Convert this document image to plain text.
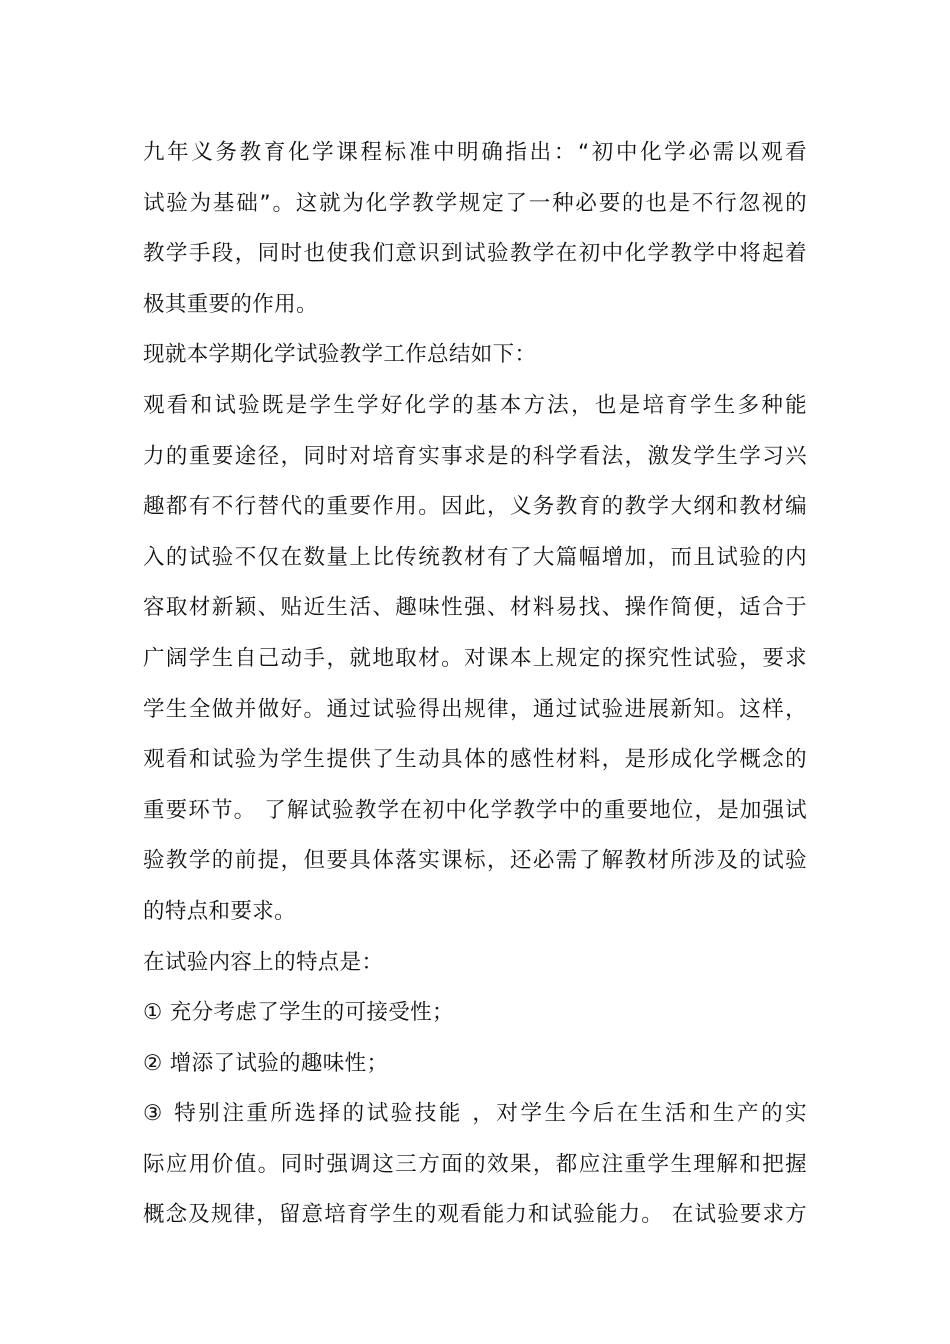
九年义务教育化学课程标准中明确指出：“初中化学必需以观看
试验为基础”。这就为化学教学规定了一种必要的也是不行忽视的
教学手段，同时也使我们意识到试验教学在初中化学教学中将起着
极其重要的作用。
现就本学期化学试验教学工作总结如下：
观看和试验既是学生学好化学的基本方法，也是培育学生多种能
力的重要途径，同时对培育实事求是的科学看法，激发学生学习兴
趣都有不行替代的重要作用。因此，义务教育的教学大纲和教材编
入的试验不仅在数量上比传统教材有了大篇幅增加，而且试验的内
容取材新颖、贴近生活、趣味性强、材料易找、操作简便，适合于
广阔学生自己动手，就地取材。对课本上规定的探究性试验，要求
学生全做并做好。通过试验得出规律，通过试验进展新知。这样，
观看和试验为学生提供了生动具体的感性材料，是形成化学概念的
重要环节。 了解试验教学在初中化学教学中的重要地位，是加强试
验教学的前提，但要具体落实课标，还必需了解教材所涉及的试验
的特点和要求。
在试验内容上的特点是：
① 充分考虑了学生的可接受性；
② 增添了试验的趣味性；
③ 特别注重所选择的试验技能 ，对学生今后在生活和生产的实
际应用价值。同时强调这三方面的效果，都应注重学生理解和把握
概念及规律，留意培育学生的观看能力和试验能力。 在试验要求方
